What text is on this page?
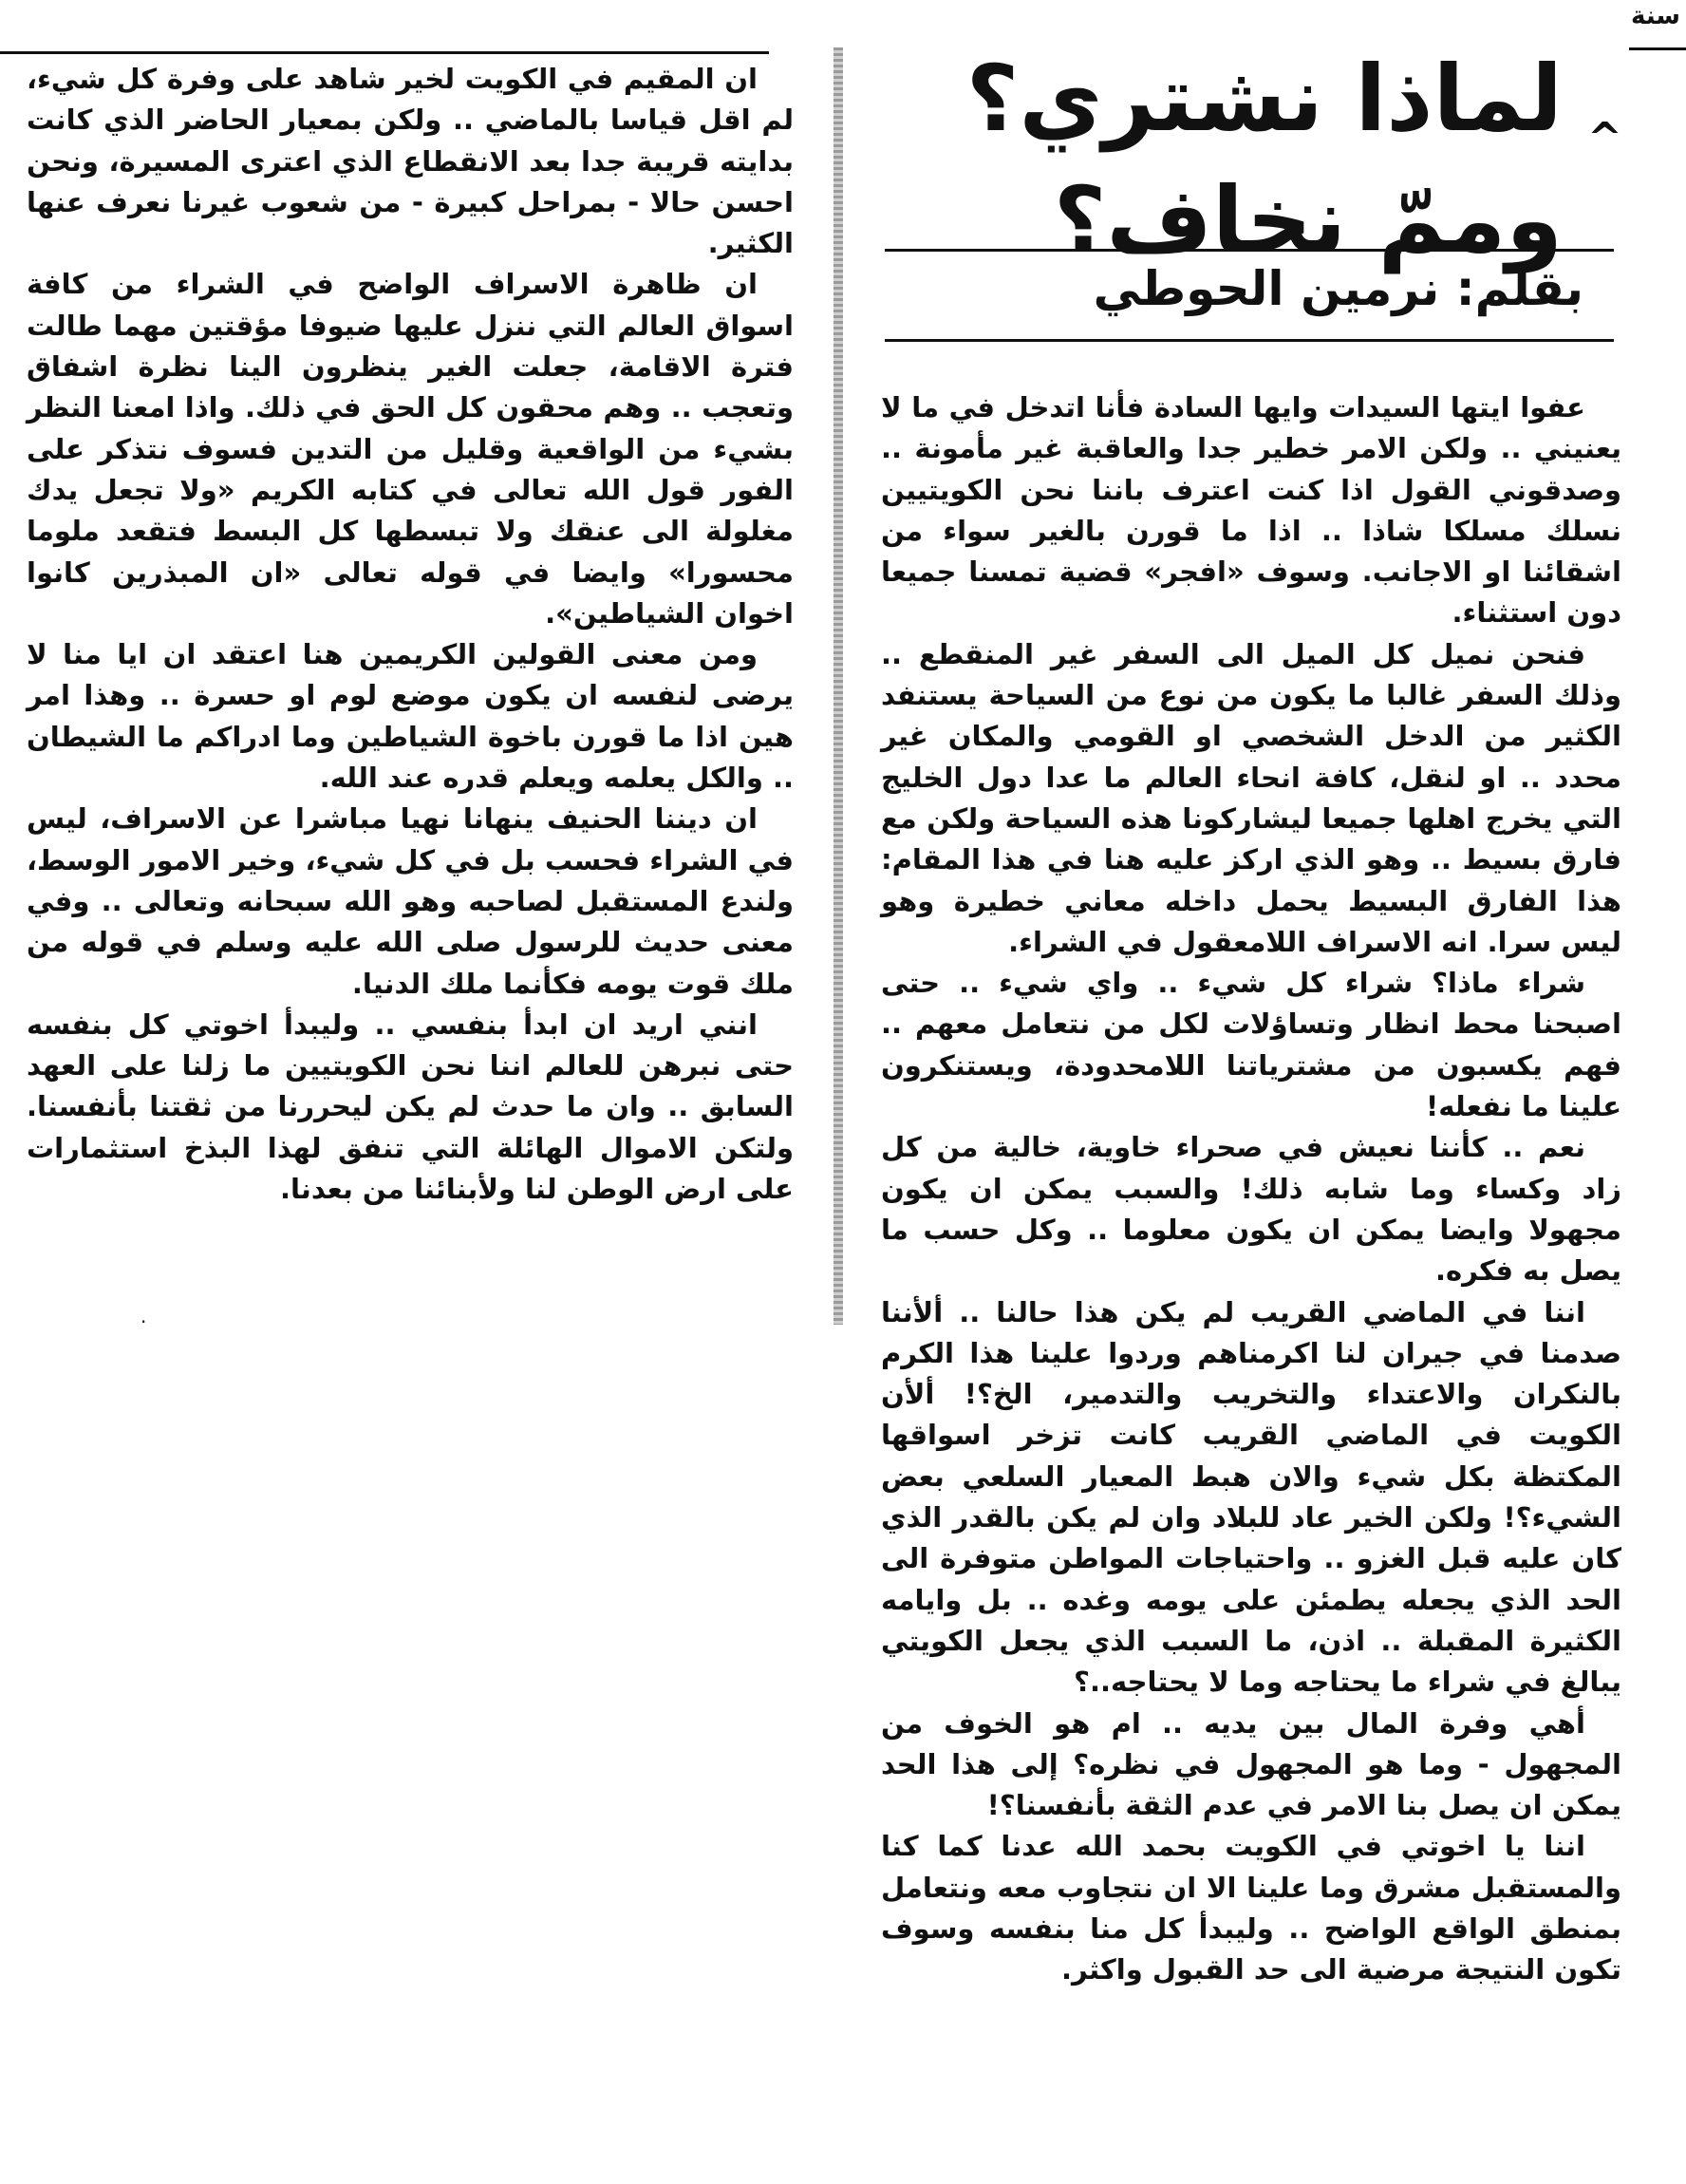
سنة
لماذا نشتري؟
وممّ نخاف؟
^
بقلم: نرمين الحوطي

عفوا ايتها السيدات وايها السادة فأنا اتدخل في ما لا يعنيني .. ولكن الامر خطير جدا والعاقبة غير مأمونة .. وصدقوني القول اذا كنت اعترف باننا نحن الكويتيين نسلك مسلكا شاذا .. اذا ما قورن بالغير سواء من اشقائنا او الاجانب. وسوف «افجر» قضية تمسنا جميعا دون استثناء.

فنحن نميل كل الميل الى السفر غير المنقطع .. وذلك السفر غالبا ما يكون من نوع من السياحة يستنفد الكثير من الدخل الشخصي او القومي والمكان غير محدد .. او لنقل، كافة انحاء العالم ما عدا دول الخليج التي يخرج اهلها جميعا ليشاركونا هذه السياحة ولكن مع فارق بسيط .. وهو الذي اركز عليه هنا في هذا المقام: هذا الفارق البسيط يحمل داخله معاني خطيرة وهو ليس سرا. انه الاسراف اللامعقول في الشراء.

شراء ماذا؟ شراء كل شيء .. واي شيء .. حتى اصبحنا محط انظار وتساؤلات لكل من نتعامل معهم .. فهم يكسبون من مشترياتنا اللامحدودة، ويستنكرون علينا ما نفعله!

نعم .. كأننا نعيش في صحراء خاوية، خالية من كل زاد وكساء وما شابه ذلك! والسبب يمكن ان يكون مجهولا وايضا يمكن ان يكون معلوما .. وكل حسب ما يصل به فكره.

اننا في الماضي القريب لم يكن هذا حالنا .. ألأننا صدمنا في جيران لنا اكرمناهم وردوا علينا هذا الكرم بالنكران والاعتداء والتخريب والتدمير، الخ؟! ألأن الكويت في الماضي القريب كانت تزخر اسواقها المكتظة بكل شيء والان هبط المعيار السلعي بعض الشيء؟! ولكن الخير عاد للبلاد وان لم يكن بالقدر الذي كان عليه قبل الغزو .. واحتياجات المواطن متوفرة الى الحد الذي يجعله يطمئن على يومه وغده .. بل وايامه الكثيرة المقبلة .. اذن، ما السبب الذي يجعل الكويتي يبالغ في شراء ما يحتاجه وما لا يحتاجه..؟

أهي وفرة المال بين يديه .. ام هو الخوف من المجهول - وما هو المجهول في نظره؟ إلى هذا الحد يمكن ان يصل بنا الامر في عدم الثقة بأنفسنا؟!

اننا يا اخوتي في الكويت بحمد الله عدنا كما كنا والمستقبل مشرق وما علينا الا ان نتجاوب معه ونتعامل بمنطق الواقع الواضح .. وليبدأ كل منا بنفسه وسوف تكون النتيجة مرضية الى حد القبول واكثر.

ان المقيم في الكويت لخير شاهد على وفرة كل شيء، لم اقل قياسا بالماضي .. ولكن بمعيار الحاضر الذي كانت بدايته قريبة جدا بعد الانقطاع الذي اعترى المسيرة، ونحن احسن حالا - بمراحل كبيرة - من شعوب غيرنا نعرف عنها الكثير.

ان ظاهرة الاسراف الواضح في الشراء من كافة اسواق العالم التي ننزل عليها ضيوفا مؤقتين مهما طالت فترة الاقامة، جعلت الغير ينظرون الينا نظرة اشفاق وتعجب .. وهم محقون كل الحق في ذلك. واذا امعنا النظر بشيء من الواقعية وقليل من التدين فسوف نتذكر على الفور قول الله تعالى في كتابه الكريم «ولا تجعل يدك مغلولة الى عنقك ولا تبسطها كل البسط فتقعد ملوما محسورا» وايضا في قوله تعالى «ان المبذرين كانوا اخوان الشياطين».

ومن معنى القولين الكريمين هنا اعتقد ان ايا منا لا يرضى لنفسه ان يكون موضع لوم او حسرة .. وهذا امر هين اذا ما قورن باخوة الشياطين وما ادراكم ما الشيطان .. والكل يعلمه ويعلم قدره عند الله.

ان ديننا الحنيف ينهانا نهيا مباشرا عن الاسراف، ليس في الشراء فحسب بل في كل شيء، وخير الامور الوسط، ولندع المستقبل لصاحبه وهو الله سبحانه وتعالى .. وفي معنى حديث للرسول صلى الله عليه وسلم في قوله من ملك قوت يومه فكأنما ملك الدنيا.

انني اريد ان ابدأ بنفسي .. وليبدأ اخوتي كل بنفسه حتى نبرهن للعالم اننا نحن الكويتيين ما زلنا على العهد السابق .. وان ما حدث لم يكن ليحررنا من ثقتنا بأنفسنا. ولتكن الاموال الهائلة التي تنفق لهذا البذخ استثمارات على ارض الوطن لنا ولأبنائنا من بعدنا.

·
